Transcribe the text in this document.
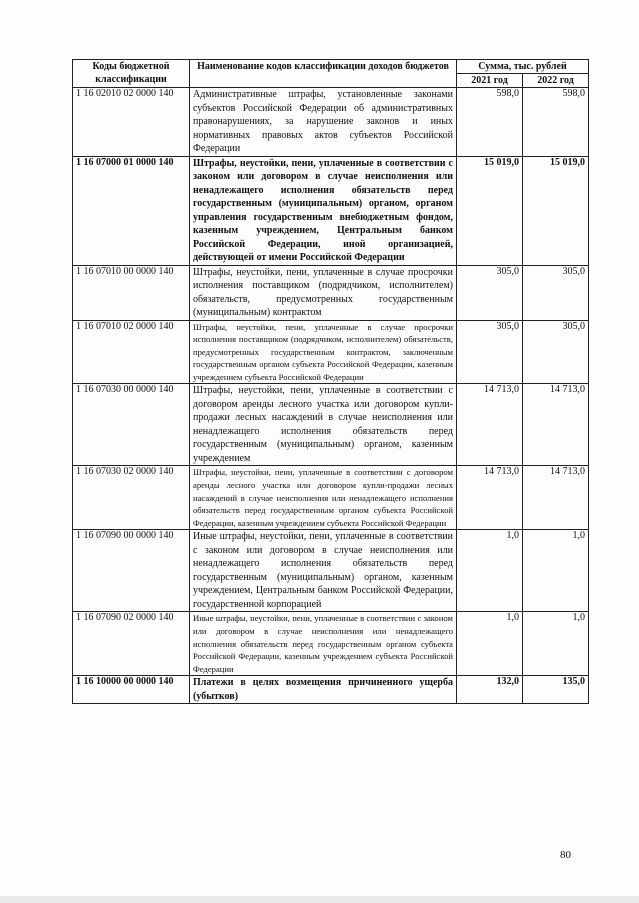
Коды бюджетной классификации	Наименование кодов классификации доходов бюджетов	Сумма, тыс. рублей	
		2021 год	2022 год
1 16 02010 02 0000 140	Административные штрафы, установленные законами субъектов Российской Федерации об административных правонарушениях, за нарушение законов и иных нормативных правовых актов субъектов Российской Федерации	598,0	598,0
1 16 07000 01 0000 140	Штрафы, неустойки, пени, уплаченные в соответствии с законом или договором в случае неисполнения или ненадлежащего исполнения обязательств перед государственным (муниципальным) органом, органом управления государственным внебюджетным фондом, казенным учреждением, Центральным банком Российской Федерации, иной организацией, действующей от имени Российской Федерации	15 019,0	15 019,0
1 16 07010 00 0000 140	Штрафы, неустойки, пени, уплаченные в случае просрочки исполнения поставщиком (подрядчиком, исполнителем) обязательств, предусмотренных государственным (муниципальным) контрактом	305,0	305,0
1 16 07010 02 0000 140	Штрафы, неустойки, пени, уплаченные в случае просрочки исполнения поставщиком (подрядчиком, исполнителем) обязательств, предусмотренных государственным контрактом, заключенным государственным органом субъекта Российской Федерации, казенным учреждением субъекта Российской Федерации	305,0	305,0
1 16 07030 00 0000 140	Штрафы, неустойки, пени, уплаченные в соответствии с договором аренды лесного участка или договором купли-продажи лесных насаждений в случае неисполнения или ненадлежащего исполнения обязательств перед государственным (муниципальным) органом, казенным учреждением	14 713,0	14 713,0
1 16 07030 02 0000 140	Штрафы, неустойки, пени, уплаченные в соответствии с договором аренды лесного участка или договором купли-продажи лесных насаждений в случае неисполнения или ненадлежащего исполнения обязательств перед государственным органом субъекта Российской Федерации, казенным учреждением субъекта Российской Федерации	14 713,0	14 713,0
1 16 07090 00 0000 140	Иные штрафы, неустойки, пени, уплаченные в соответствии с законом или договором в случае неисполнения или ненадлежащего исполнения обязательств перед государственным (муниципальным) органом, казенным учреждением, Центральным банком Российской Федерации, государственной корпорацией	1,0	1,0
1 16 07090 02 0000 140	Иные штрафы, неустойки, пени, уплаченные в соответствии с законом или договором в случае неисполнения или ненадлежащего исполнения обязательств перед государственным органом субъекта Российской Федерации, казенным учреждением субъекта Российской Федерации	1,0	1,0
1 16 10000 00 0000 140	Платежи в целях возмещения причиненного ущерба (убытков)	132,0	135,0
80
